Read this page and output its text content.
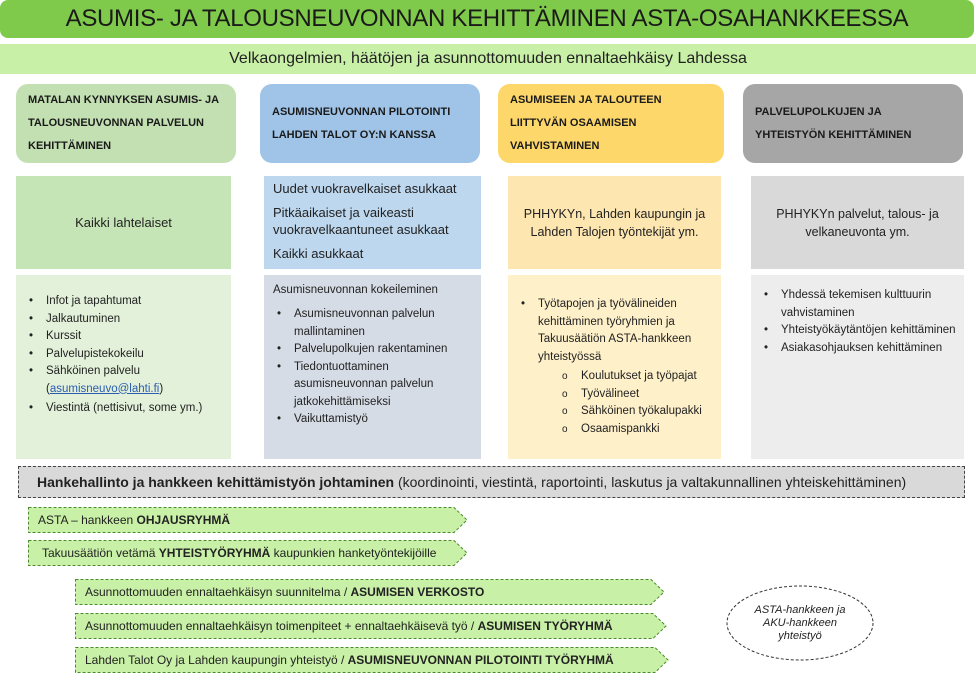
ASUMIS- JA TALOUSNEUVONNAN KEHITTÄMINEN ASTA-OSAHANKKEESSA
Velkaongelmien, häätöjen ja asunnottomuuden ennaltaehkäisy Lahdessa
MATALAN KYNNYKSEN ASUMIS- JA TALOUSNEUVONNAN PALVELUN KEHITTÄMINEN
ASUMISNEUVONNAN PILOTOINTI LAHDEN TALOT OY:N KANSSA
ASUMISEEN JA TALOUTEEN LIITTYVÄN OSAAMISEN VAHVISTAMINEN
PALVELUPOLKUJEN JA YHTEISTYÖN KEHITTÄMINEN
Kaikki lahtelaiset
Uudet vuokravelkaiset asukkaat
Pitkäaikaiset ja vaikeasti vuokravelkaantuneet asukkaat
Kaikki asukkaat
PHHYKYn, Lahden kaupungin ja Lahden Talojen työntekijät ym.
PHHYKYn palvelut, talous- ja velkaneuvonta ym.
• Infot ja tapahtumat
• Jalkautuminen
• Kurssit
• Palvelupistekokeilu
• Sähköinen palvelu (asumisneuvo@lahti.fi)
• Viestintä (nettisivut, some ym.)
Asumisneuvonnan kokeileminen
• Asumisneuvonnan palvelun mallintaminen
• Palvelupolkujen rakentaminen
• Tiedontuottaminen asumisneuvonnan palvelun jatkokehittämiseksi
• Vaikuttamistyö
• Työtapojen ja työvälineiden kehittäminen työryhmien ja Takuusäätiön ASTA-hankkeen yhteistyössä
o Koulutukset ja työpajat
o Työvälineet
o Sähköinen työkalupakki
o Osaamispankki
• Yhdessä tekemisen kulttuurin vahvistaminen
• Yhteistyökäytäntöjen kehittäminen
• Asiakasohjauksen kehittäminen
Hankehallinto ja hankkeen kehittämistyön johtaminen (koordinointi, viestintä, raportointi, laskutus ja valtakunnallinen yhteiskehittäminen)
ASTA – hankkeen OHJAUSRYHMÄ
Takuusäätiön vetämä YHTEISTYÖRYHMÄ kaupunkien hanketyöntekijöille
Asunnottomuuden ennaltaehkäisyn suunnitelma / ASUMISEN VERKOSTO
Asunnottomuuden ennaltaehkäisyn toimenpiteet + ennaltaehkäisevä työ / ASUMISEN TYÖRYHMÄ
Lahden Talot Oy ja Lahden kaupungin yhteistyö / ASUMISNEUVONNAN PILOTOINTI TYÖRYHMÄ
ASTA-hankkeen ja AKU-hankkeen yhteistyö
